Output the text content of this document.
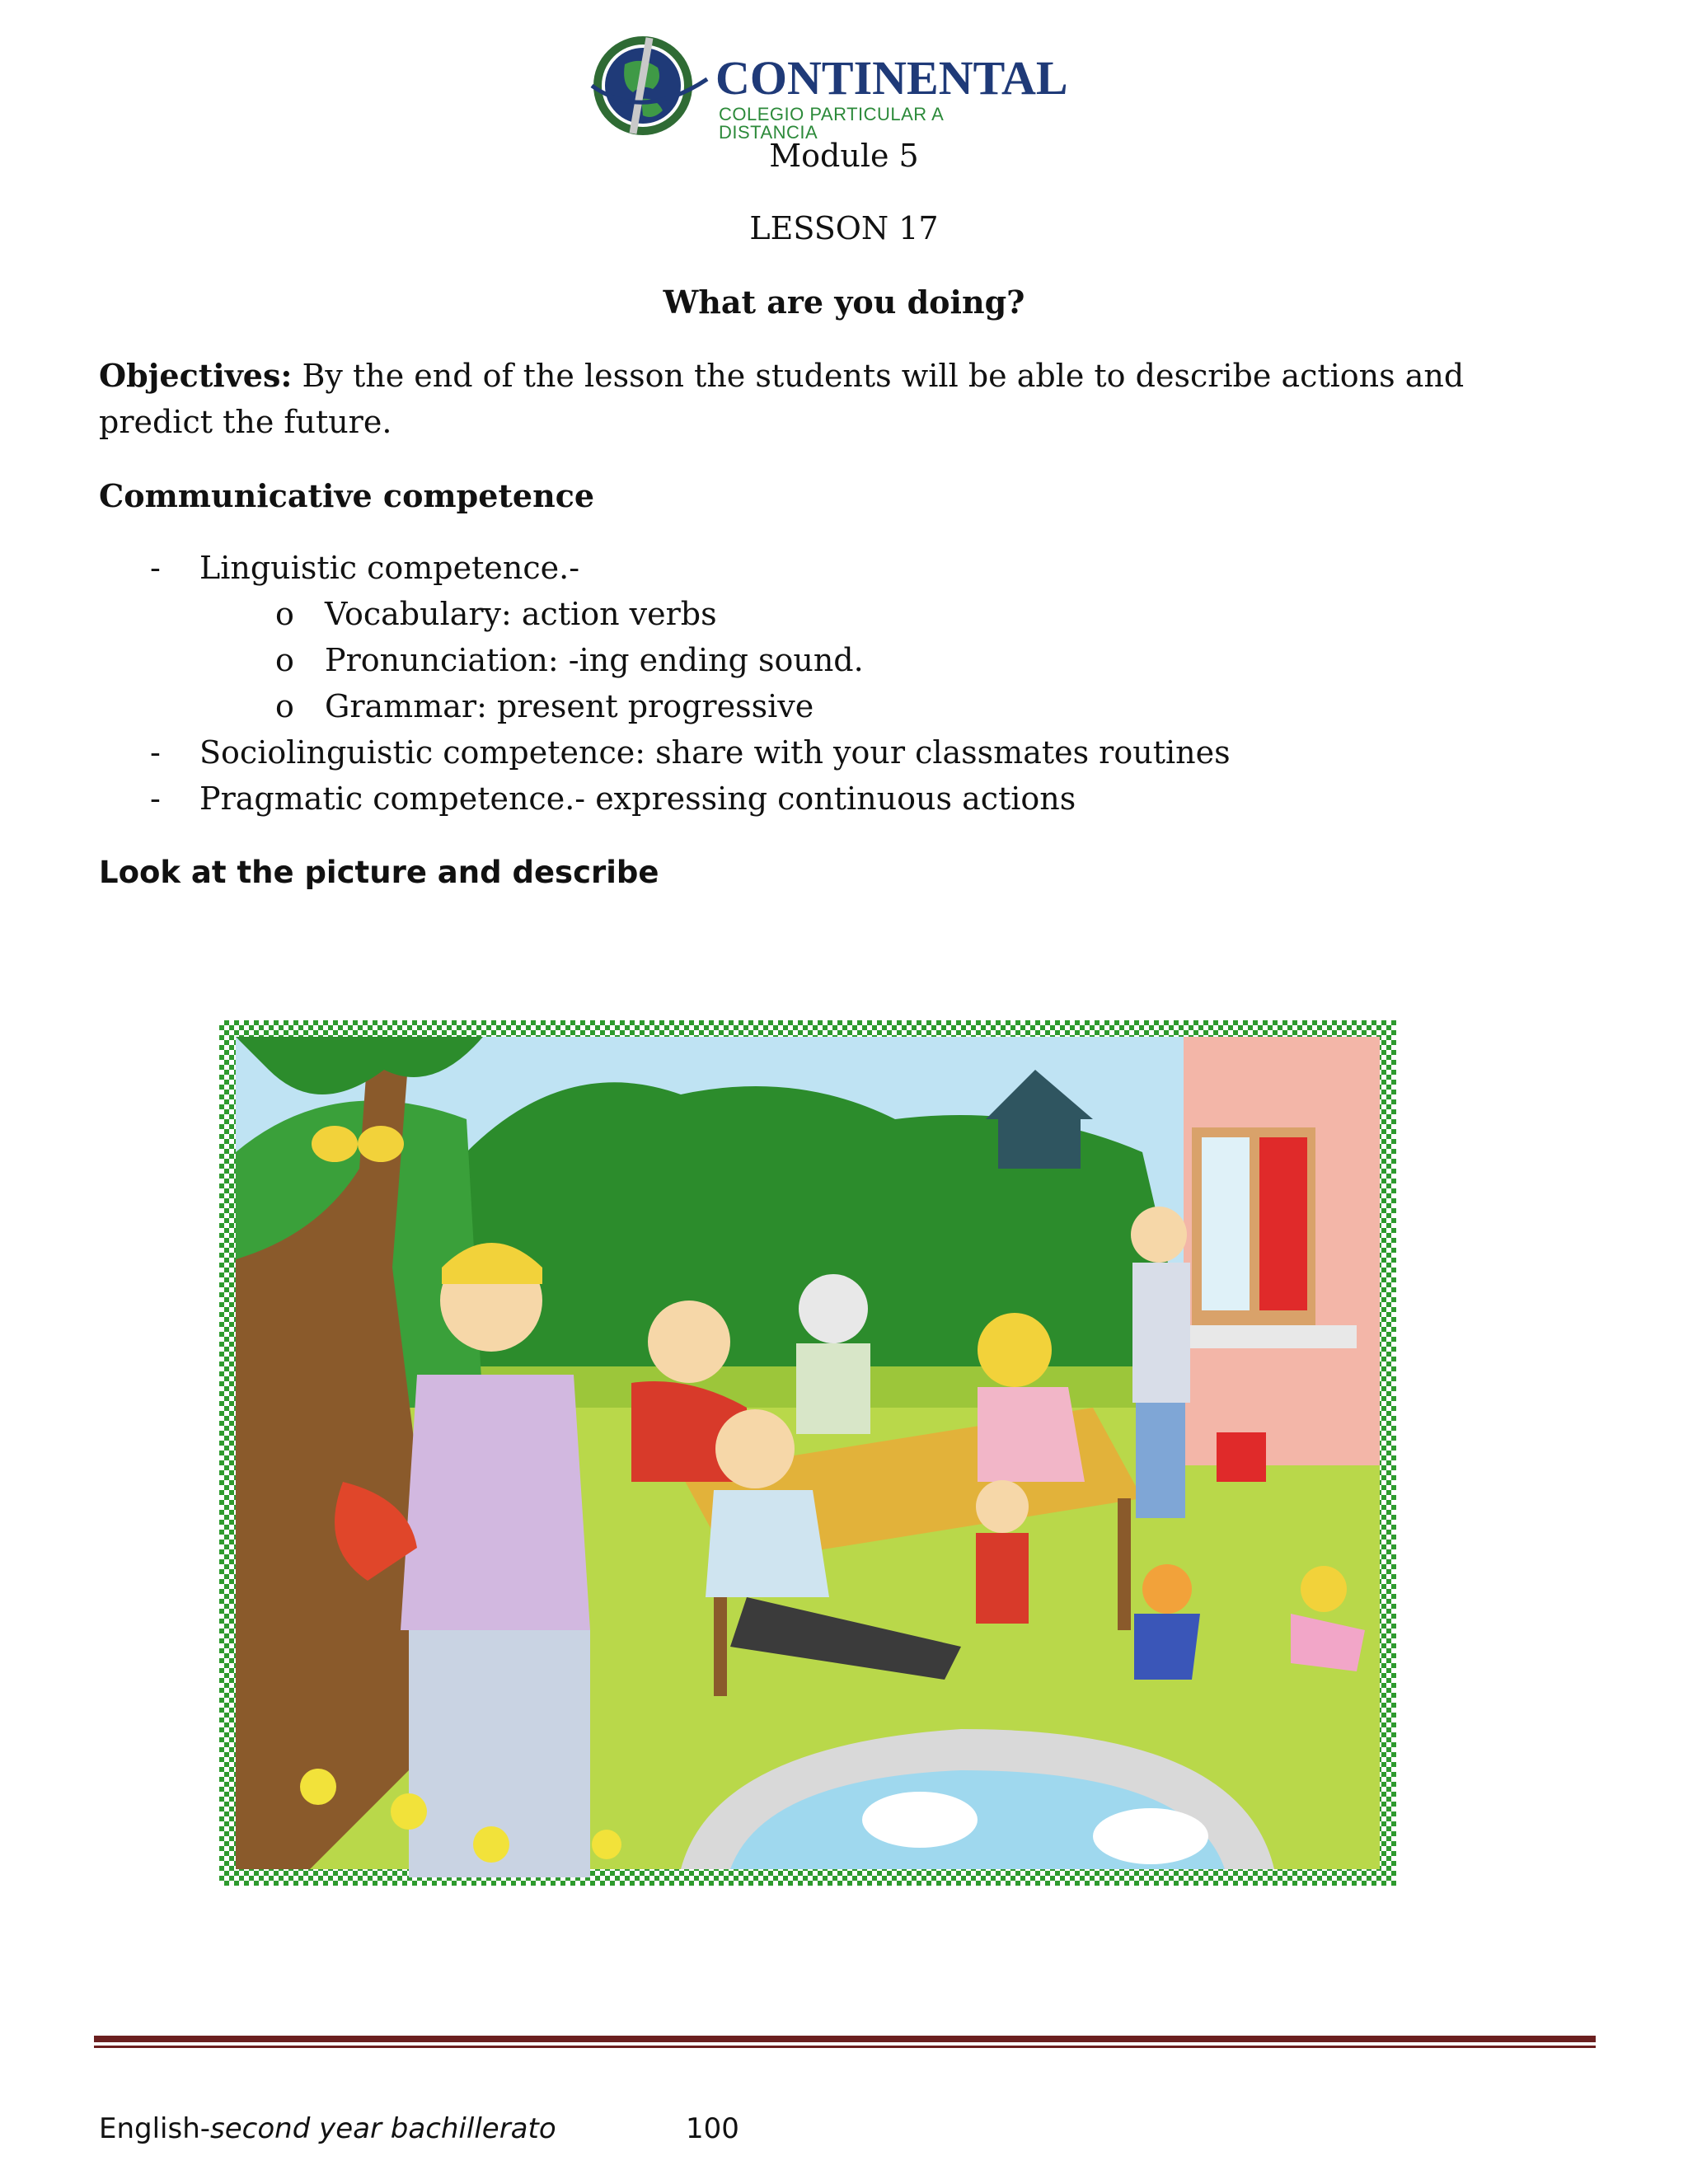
CONTINENTAL
COLEGIO PARTICULAR A DISTANCIA
Module 5
LESSON 17
What are you doing?
Objectives: By the end of the lesson the students will be able to describe actions and predict the future.
Communicative competence
- Linguistic competence.-
o Vocabulary: action verbs
o Pronunciation: -ing ending sound.
o Grammar: present progressive
- Sociolinguistic competence: share with your classmates routines
- Pragmatic competence.- expressing continuous actions
Look at the picture and describe
English-second year bachillerato	100
